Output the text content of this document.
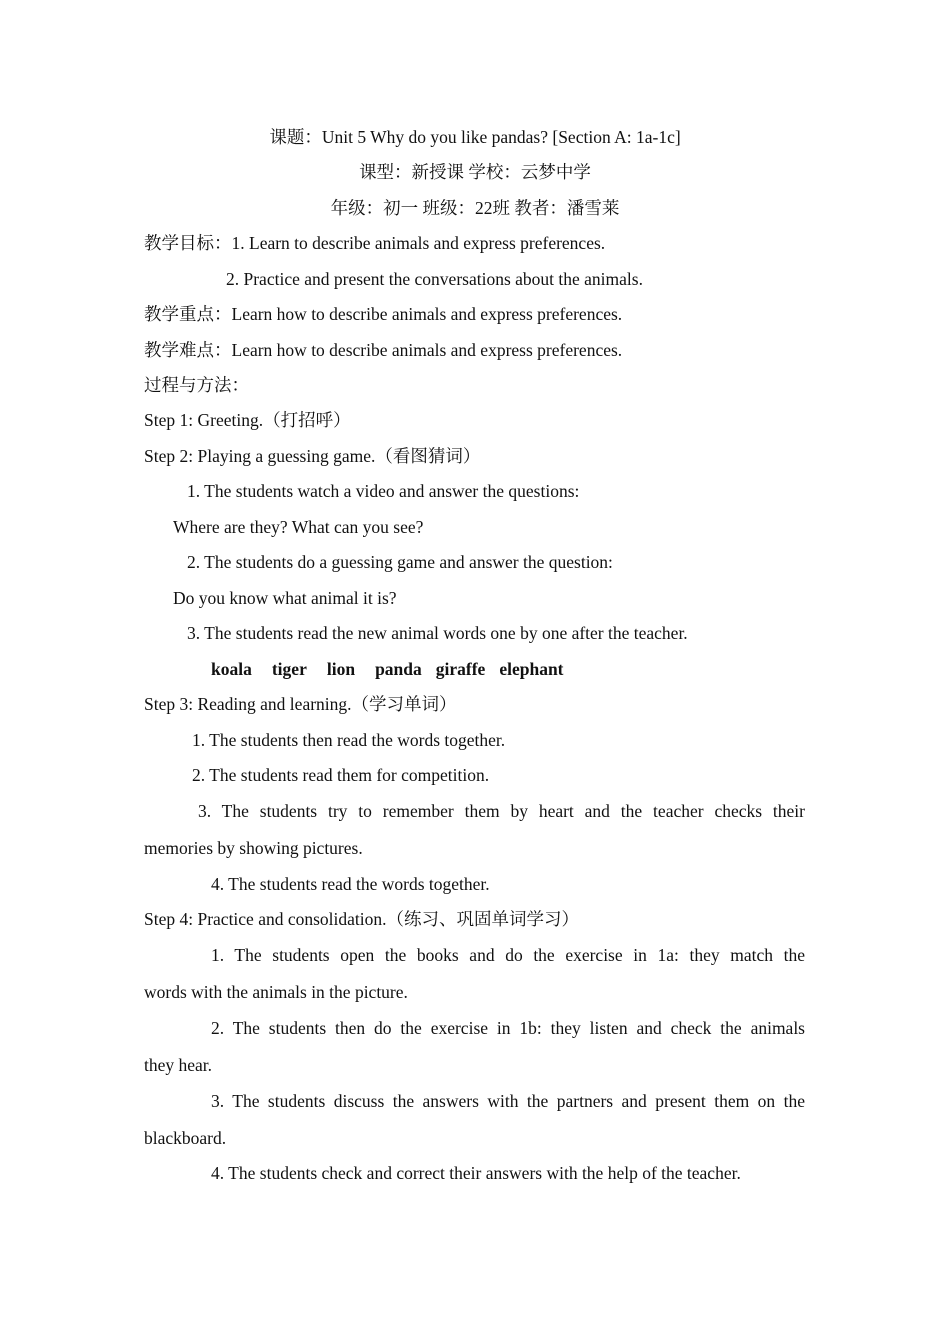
课题：Unit 5 Why do you like pandas? [Section A: 1a-1c]
课型：新授课 学校：云梦中学
年级：初一 班级：22班 教者：潘雪莱
教学目标：1. Learn to describe animals and express preferences.
2. Practice and present the conversations about the animals.
教学重点：Learn how to describe animals and express preferences.
教学难点：Learn how to describe animals and express preferences.
过程与方法：
Step 1: Greeting.（打招呼）
Step 2: Playing a guessing game.（看图猜词）
1. The students watch a video and answer the questions:
Where are they? What can you see?
2. The students do a guessing game and answer the question:
Do you know what animal it is?
3. The students read the new animal words one by one after the teacher.
koala tiger lion panda giraffe elephant
Step 3: Reading and learning.（学习单词）
1. The students then read the words together.
2. The students read them for competition.
3. The students try to remember them by heart and the teacher checks their
memories by showing pictures.
4. The students read the words together.
Step 4: Practice and consolidation.（练习、巩固单词学习）
1. The students open the books and do the exercise in 1a: they match the
words with the animals in the picture.
2. The students then do the exercise in 1b: they listen and check the animals
they hear.
3. The students discuss the answers with the partners and present them on the
blackboard.
4. The students check and correct their answers with the help of the teacher.
